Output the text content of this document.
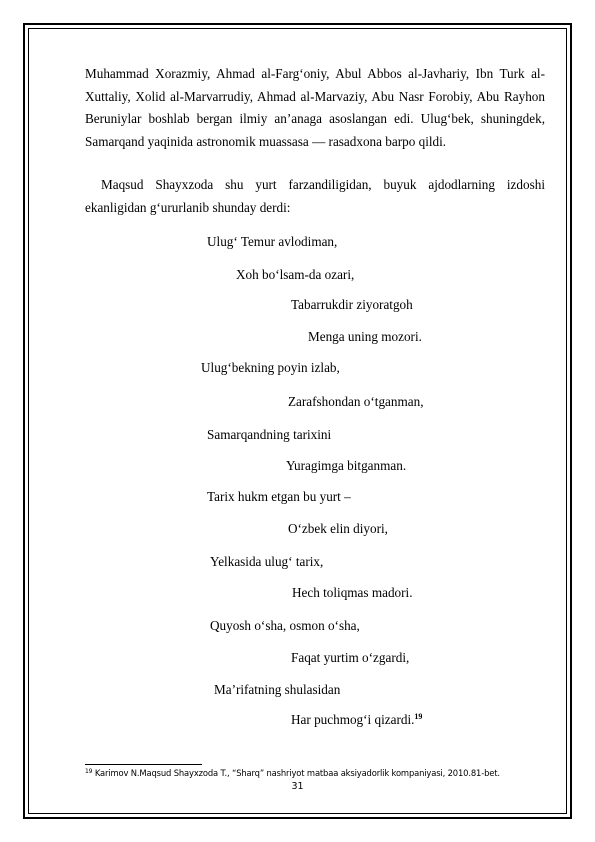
Muhammad Xorazmiy, Ahmad al-Farg‘oniy, Abul Abbos al-Javhariy, Ibn Turk al-Xuttaliy, Xolid al-Marvarrudiy, Ahmad al-Marvaziy, Abu Nasr Forobiy, Abu Rayhon Beruniylar boshlab bergan ilmiy an’anaga asoslangan edi. Ulug‘bek, shuningdek, Samarqand yaqinida astronomik muassasa — rasadxona barpo qildi.
Maqsud Shayxzoda shu yurt farzandiligidan, buyuk ajdodlarning izdoshi ekanligidan g‘ururlanib shunday derdi:
Ulug‘ Temur avlodiman,
Xoh bo‘lsam-da ozari,
Tabarrukdir ziyoratgoh
Menga uning mozori.
Ulug‘bekning poyin izlab,
Zarafshondan o‘tganman,
Samarqandning tarixini
Yuragimga bitganman.
Tarix hukm etgan bu yurt –
O‘zbek elin diyori,
Yelkasida ulug‘ tarix,
Hech toliqmas madori.
Quyosh o‘sha, osmon o‘sha,
Faqat yurtim o‘zgardi,
Ma’rifatning shulasidan
Har puchmog‘i qizardi.$^{19}$
$^{19}$ Karimov N.Maqsud Shayxzoda T., “Sharq” nashriyot matbaa aksiyadorlik kompaniyasi, 2010.81-bet.
31
